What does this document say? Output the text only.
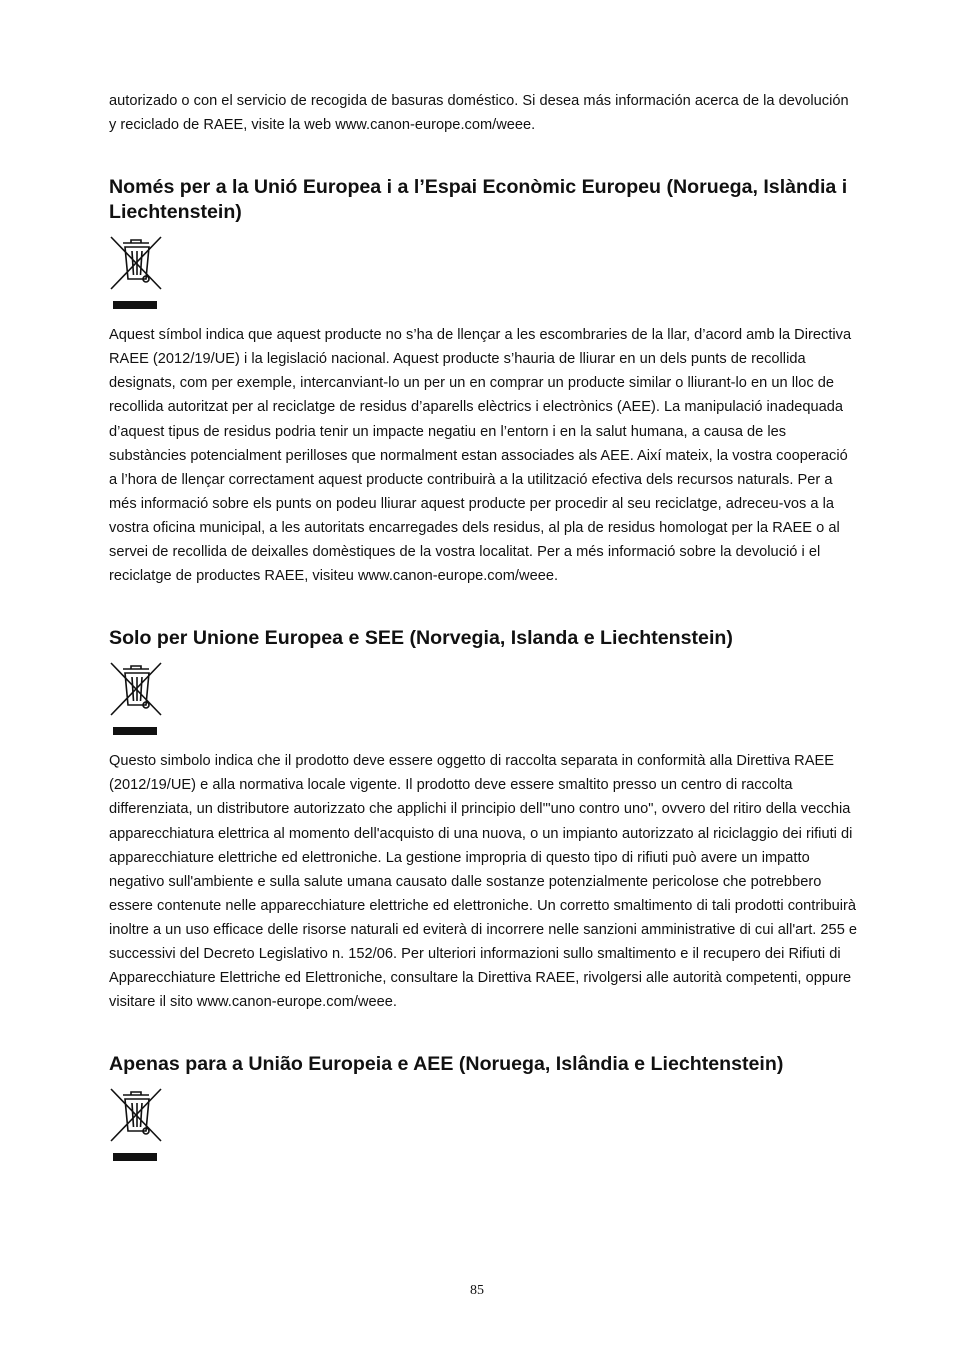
autorizado o con el servicio de recogida de basuras doméstico. Si desea más información acerca de la devolución y reciclado de RAEE, visite la web www.canon-europe.com/weee.

Només per a la Unió Europea i a l’Espai Econòmic Europeu (Noruega, Islàndia i Liechtenstein)

Aquest símbol indica que aquest producte no s’ha de llençar a les escombraries de la llar, d’acord amb la Directiva RAEE (2012/19/UE) i la legislació nacional. Aquest producte s’hauria de lliurar en un dels punts de recollida designats, com per exemple, intercanviant-lo un per un en comprar un producte similar o lliurant-lo en un lloc de recollida autoritzat per al reciclatge de residus d’aparells elèctrics i electrònics (AEE). La manipulació inadequada d’aquest tipus de residus podria tenir un impacte negatiu en l’entorn i en la salut humana, a causa de les substàncies potencialment perilloses que normalment estan associades als AEE. Així mateix, la vostra cooperació a l’hora de llençar correctament aquest producte contribuirà a la utilització efectiva dels recursos naturals. Per a més informació sobre els punts on podeu lliurar aquest producte per procedir al seu reciclatge, adreceu-vos a la vostra oficina municipal, a les autoritats encarregades dels residus, al pla de residus homologat per la RAEE o al servei de recollida de deixalles domèstiques de la vostra localitat. Per a més informació sobre la devolució i el reciclatge de productes RAEE, visiteu www.canon-europe.com/weee.

Solo per Unione Europea e SEE (Norvegia, Islanda e Liechtenstein)

Questo simbolo indica che il prodotto deve essere oggetto di raccolta separata in conformità alla Direttiva RAEE (2012/19/UE) e alla normativa locale vigente. Il prodotto deve essere smaltito presso un centro di raccolta differenziata, un distributore autorizzato che applichi il principio dell'"uno contro uno", ovvero del ritiro della vecchia apparecchiatura elettrica al momento dell'acquisto di una nuova, o un impianto autorizzato al riciclaggio dei rifiuti di apparecchiature elettriche ed elettroniche. La gestione impropria di questo tipo di rifiuti può avere un impatto negativo sull'ambiente e sulla salute umana causato dalle sostanze potenzialmente pericolose che potrebbero essere contenute nelle apparecchiature elettriche ed elettroniche. Un corretto smaltimento di tali prodotti contribuirà inoltre a un uso efficace delle risorse naturali ed eviterà di incorrere nelle sanzioni amministrative di cui all'art. 255 e successivi del Decreto Legislativo n. 152/06. Per ulteriori informazioni sullo smaltimento e il recupero dei Rifiuti di Apparecchiature Elettriche ed Elettroniche, consultare la Direttiva RAEE, rivolgersi alle autorità competenti, oppure visitare il sito www.canon-europe.com/weee.

Apenas para a União Europeia e AEE (Noruega, Islândia e Liechtenstein)
85
